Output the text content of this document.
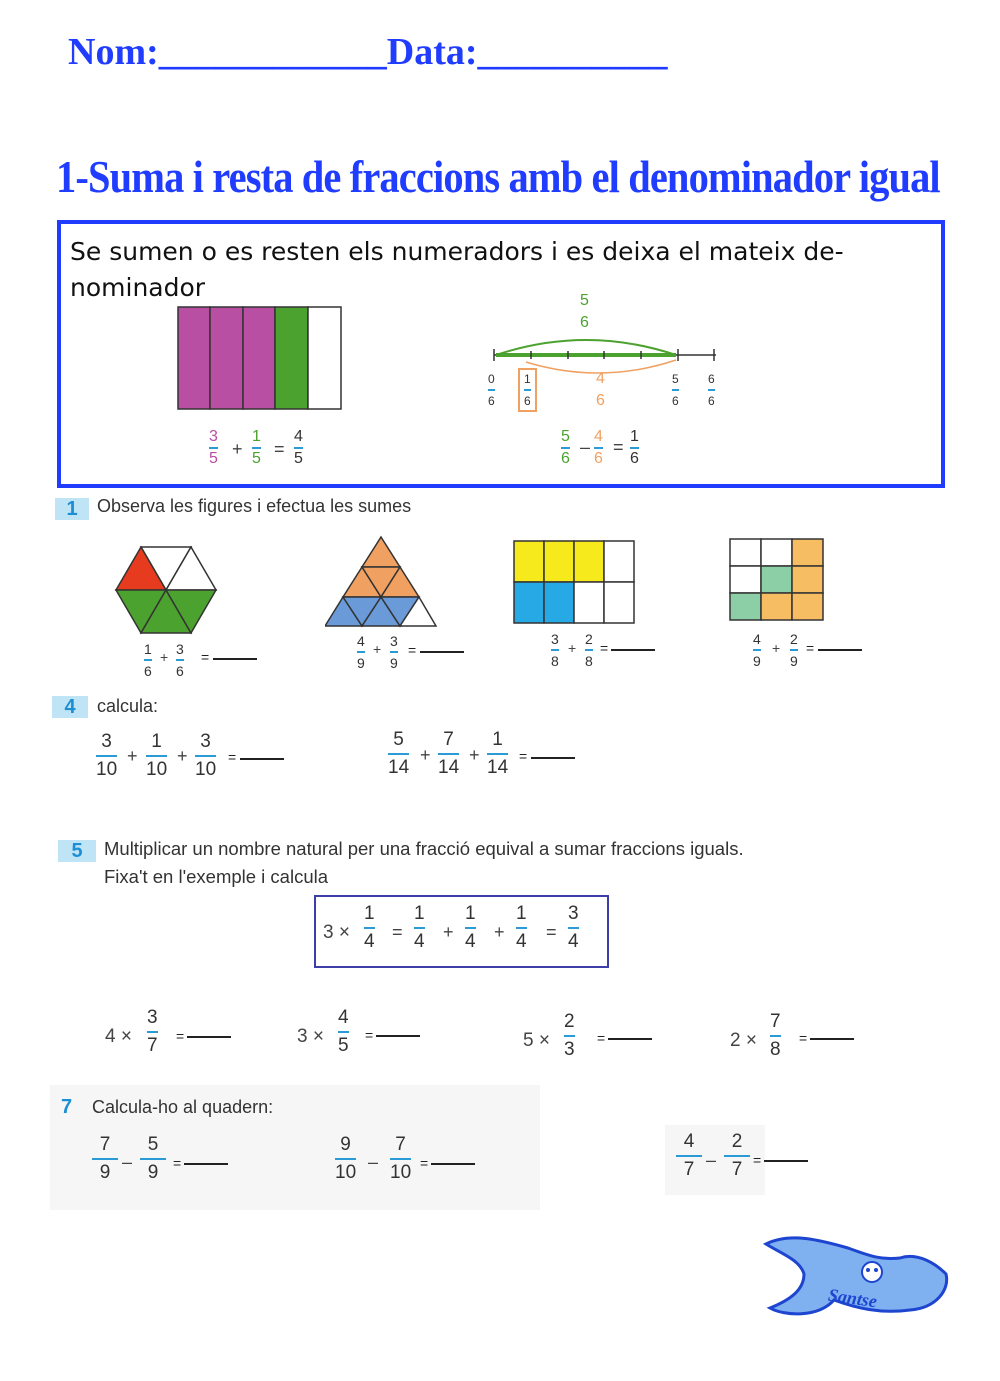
Nom:____________Data:__________
1-Suma i resta de fraccions amb el denominador igual
Se sumen o es resten els numeradors i es deixa el mateix de-nominador
3
5 +
1
5 =
4
5
5
6
0
6
1
6
4
6
5
6
6
6
5
6
–
4
6
=
1
6
1	Observa les figures i efectua les sumes
1
6
+ 3
6
=
4
9
+ 3
9
=
3
8
+
2
8
=
4
9
+
2
9
=
4	calcula:
3
10
+
1
10
+
3
10
=
5
14
+
7
14
+
1
14
=
5	Multiplicar un nombre natural per una fracció equival a sumar fraccions iguals.
Fixa't en l'exemple i calcula
3 ×
1
4 =
1
4 +
1
4 +
1
4 =
3
4
4 ×
3
7 =	3 ×
4
5 =	5 ×
2
3
=	2 ×
7
8
=
7 Calcula-ho al quadern:
7
9 –
5
9 =
9
10 –
7
10 =
4
7 –
2
7 =
Santse
